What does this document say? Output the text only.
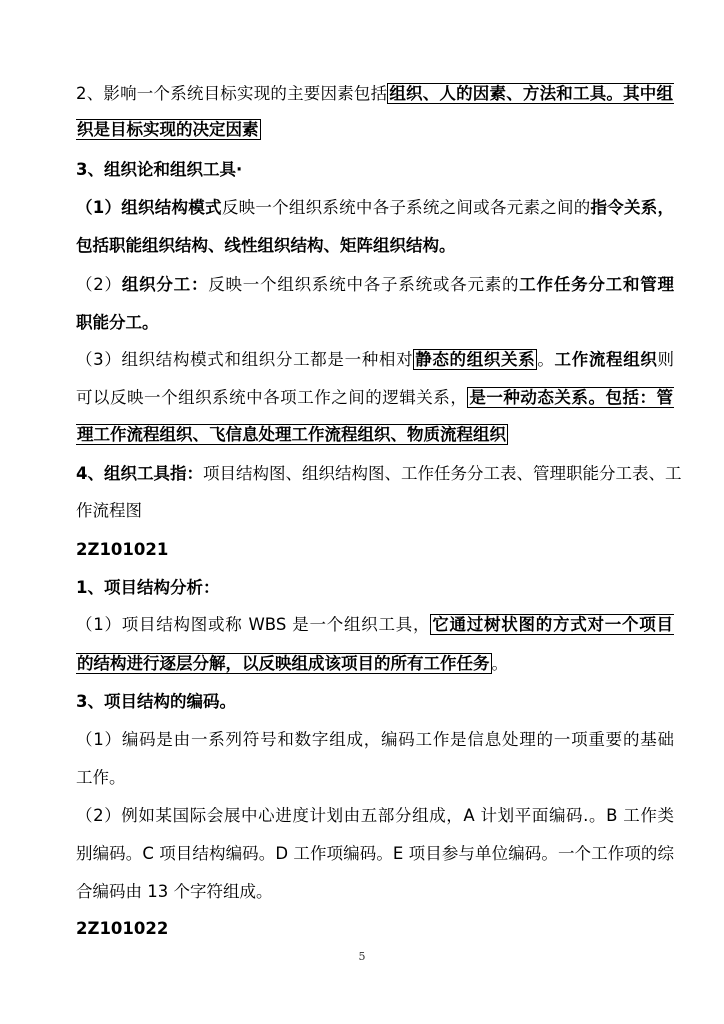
2、影响一个系统目标实现的主要因素包括 组织、人的因素、方法和工具。其中组
织是目标实现的决定因素
3、组织论和组织工具·
（1）组织结构模式反映一个组织系统中各子系统之间或各元素之间的指令关系，
包括职能组织结构、线性组织结构、矩阵组织结构。
（2）组织分工：反映一个组织系统中各子系统或各元素的工作任务分工和管理
职能分工。
（3）组织结构模式和组织分工都是一种相对 静态的组织关系 。工作流程组织则
可以反映一个组织系统中各项工作之间的逻辑关系， 是一种动态关系。包括：管
理工作流程组织、飞信息处理工作流程组织、物质流程组织
4、组织工具指：项目结构图、组织结构图、工作任务分工表、管理职能分工表、工
作流程图
2Z101021
1、项目结构分析：
（1）项目结构图或称 WBS 是一个组织工具， 它通过树状图的方式对一个项目
的结构进行逐层分解，以反映组成该项目的所有工作任务 。
3、项目结构的编码。
（1）编码是由一系列符号和数字组成，编码工作是信息处理的一项重要的基础
工作。
（2）例如某国际会展中心进度计划由五部分组成，A 计划平面编码.。B 工作类
别编码。C 项目结构编码。D 工作项编码。E 项目参与单位编码。一个工作项的综
合编码由 13 个字符组成。
2Z101022
5
